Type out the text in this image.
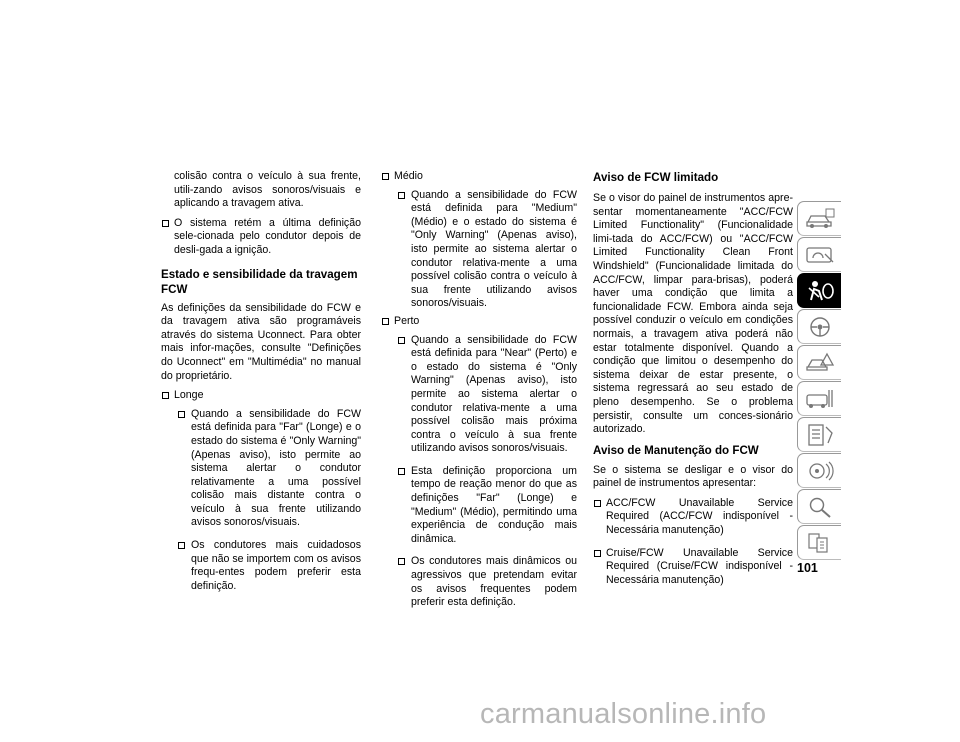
colisão contra o veículo à sua frente, utili-zando avisos sonoros/visuais e aplicando a travagem ativa.

O sistema retém a última definição sele-cionada pelo condutor depois de desli-gada a ignição.
Estado e sensibilidade da travagem FCW

As definições da sensibilidade do FCW e da travagem ativa são programáveis através do sistema Uconnect. Para obter mais infor-mações, consulte "Definições do Uconnect" em "Multimédia" no manual do proprietário.

Longe
Quando a sensibilidade do FCW está definida para "Far" (Longe) e o estado do sistema é "Only Warning" (Apenas aviso), isto permite ao sistema alertar o condutor relativamente a uma possível colisão mais distante contra o veículo à sua frente utilizando avisos sonoros/visuais.
Os condutores mais cuidadosos que não se importem com os avisos frequ-entes podem preferir esta definição.
Médio
Quando a sensibilidade do FCW está definida para "Medium" (Médio) e o estado do sistema é "Only Warning" (Apenas aviso), isto permite ao sistema alertar o condutor relativa-mente a uma possível colisão contra o veículo à sua frente utilizando avisos sonoros/visuais.
Perto
Quando a sensibilidade do FCW está definida para "Near" (Perto) e o estado do sistema é "Only Warning" (Apenas aviso), isto permite ao sistema alertar o condutor relativa-mente a uma possível colisão mais próxima contra o veículo à sua frente utilizando avisos sonoros/visuais.
Esta definição proporciona um tempo de reação menor do que as definições "Far" (Longe) e "Medium" (Médio), permitindo uma experiência de condução mais dinâmica.
Os condutores mais dinâmicos ou agressivos que pretendam evitar os avisos frequentes podem preferir esta definição.
Aviso de FCW limitado

Se o visor do painel de instrumentos apre-sentar momentaneamente "ACC/FCW Limited Functionality" (Funcionalidade limi-tada do ACC/FCW) ou "ACC/FCW Limited Functionality Clean Front Windshield" (Funcionalidade limitada do ACC/FCW, limpar para-brisas), poderá haver uma condição que limita a funcionalidade FCW. Embora ainda seja possível conduzir o veículo em condições normais, a travagem ativa poderá não estar totalmente disponível. Quando a condição que limitou o desempenho do sistema deixar de estar presente, o sistema regressará ao seu estado de pleno desempenho. Se o problema persistir, consulte um conces-sionário autorizado.

Aviso de Manutenção do FCW

Se o sistema se desligar e o visor do painel de instrumentos apresentar:

ACC/FCW Unavailable Service Required (ACC/FCW indisponível - Necessária manutenção)
Cruise/FCW Unavailable Service Required (Cruise/FCW indisponível - Necessária manutenção)
101
carmanualsonline.info
